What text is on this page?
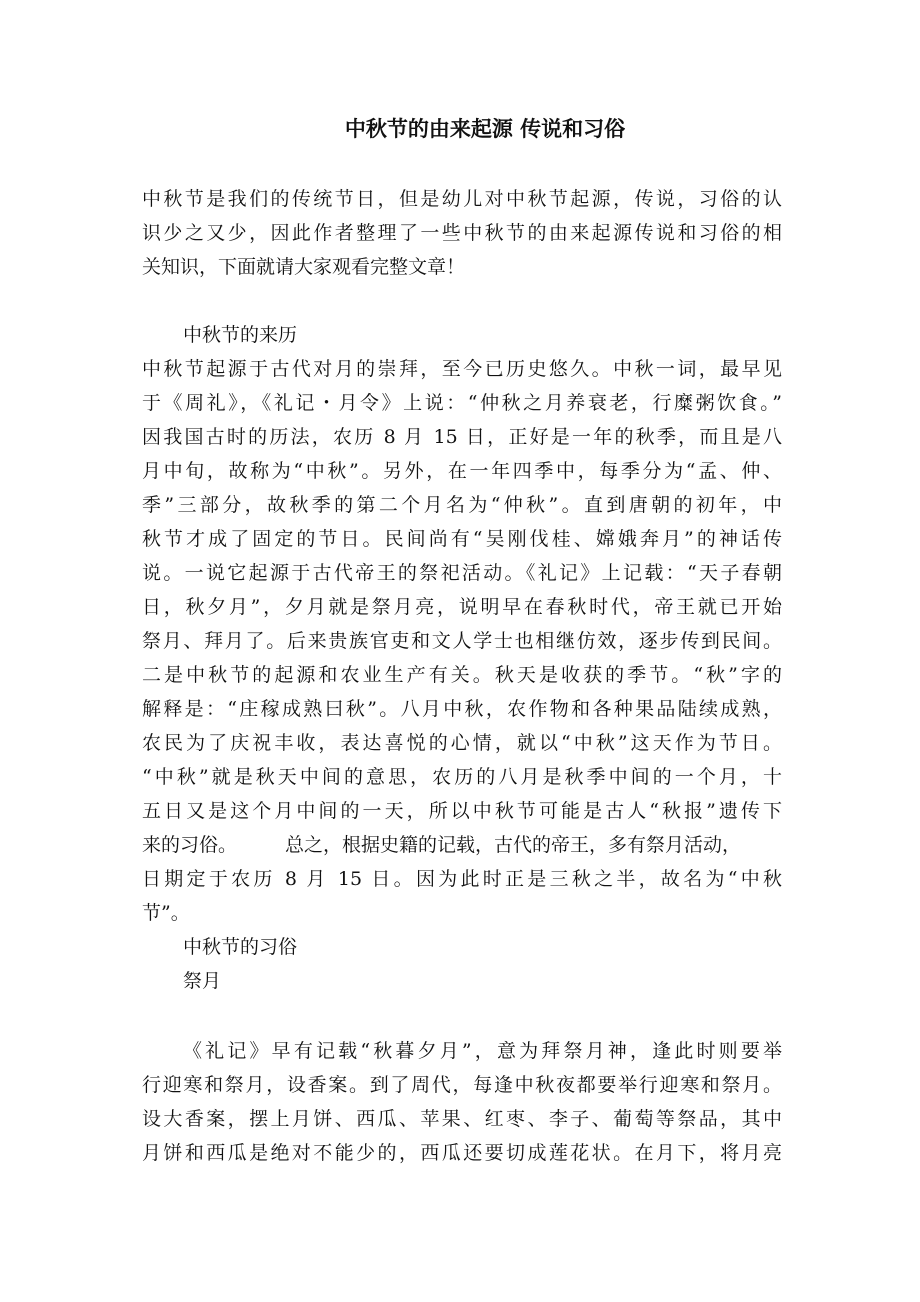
中秋节的由来起源 传说和习俗

中秋节是我们的传统节日，但是幼儿对中秋节起源，传说，习俗的认

识少之又少，因此作者整理了一些中秋节的由来起源传说和习俗的相

关知识，下面就请大家观看完整文章！

中秋节的来历

中秋节起源于古代对月的崇拜，至今已历史悠久。中秋一词，最早见

于《周礼》，《礼记・月令》上说：“仲秋之月养衰老，行糜粥饮食。”

因我国古时的历法，农历 8 月 15 日，正好是一年的秋季，而且是八

月中旬，故称为“中秋”。另外，在一年四季中，每季分为“孟、仲、

季”三部分，故秋季的第二个月名为“仲秋”。直到唐朝的初年，中

秋节才成了固定的节日。民间尚有“吴刚伐桂、嫦娥奔月”的神话传

说。一说它起源于古代帝王的祭祀活动。《礼记》上记载：“天子春朝

日，秋夕月”，夕月就是祭月亮，说明早在春秋时代，帝王就已开始

祭月、拜月了。后来贵族官吏和文人学士也相继仿效，逐步传到民间。

二是中秋节的起源和农业生产有关。秋天是收获的季节。“秋”字的

解释是：“庄稼成熟曰秋”。八月中秋，农作物和各种果品陆续成熟，

农民为了庆祝丰收，表达喜悦的心情，就以“中秋”这天作为节日。

“中秋”就是秋天中间的意思，农历的八月是秋季中间的一个月，十

五日又是这个月中间的一天，所以中秋节可能是古人“秋报”遗传下

来的习俗。	总之，根据史籍的记载，古代的帝王，多有祭月活动，

日期定于农历 8 月 15 日。因为此时正是三秋之半，故名为“中秋

节”。

中秋节的习俗

祭月

《礼记》早有记载“秋暮夕月”，意为拜祭月神，逢此时则要举

行迎寒和祭月，设香案。到了周代，每逢中秋夜都要举行迎寒和祭月。

设大香案，摆上月饼、西瓜、苹果、红枣、李子、葡萄等祭品，其中

月饼和西瓜是绝对不能少的，西瓜还要切成莲花状。在月下，将月亮
